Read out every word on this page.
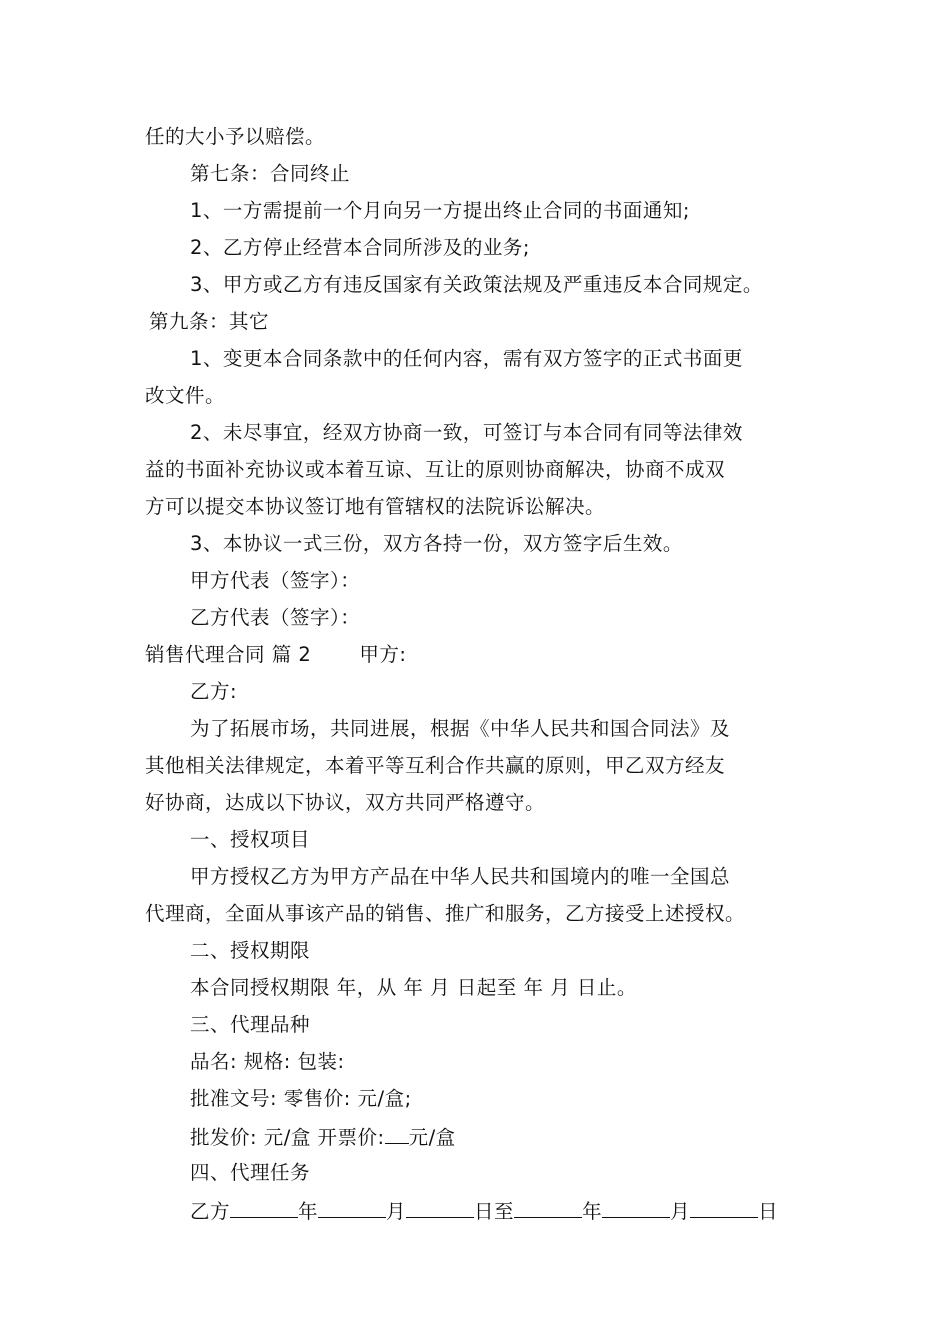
任的大小予以赔偿。
第七条：合同终止
1、一方需提前一个月向另一方提出终止合同的书面通知;
2、乙方停止经营本合同所涉及的业务;
3、甲方或乙方有违反国家有关政策法规及严重违反本合同规定。
第九条：其它
1、变更本合同条款中的任何内容，需有双方签字的正式书面更
改文件。
2、未尽事宜，经双方协商一致，可签订与本合同有同等法律效
益的书面补充协议或本着互谅、互让的原则协商解决，协商不成双
方可以提交本协议签订地有管辖权的法院诉讼解决。
3、本协议一式三份，双方各持一份，双方签字后生效。
甲方代表（签字）：
乙方代表（签字）：
销售代理合同 篇 2 甲方:
乙方:
为了拓展市场，共同进展，根据《中华人民共和国合同法》及
其他相关法律规定，本着平等互利合作共赢的原则，甲乙双方经友
好协商，达成以下协议，双方共同严格遵守。
一、授权项目
甲方授权乙方为甲方产品在中华人民共和国境内的唯一全国总
代理商，全面从事该产品的销售、推广和服务，乙方接受上述授权。
二、授权期限
本合同授权期限 年，从 年 月 日起至 年 月 日止。
三、代理品种
品名: 规格: 包装:
批准文号: 零售价: 元/盒;
批发价: 元/盒 开票价: 元/盒
四、代理任务
乙方	年	月	日至	年	月	日
